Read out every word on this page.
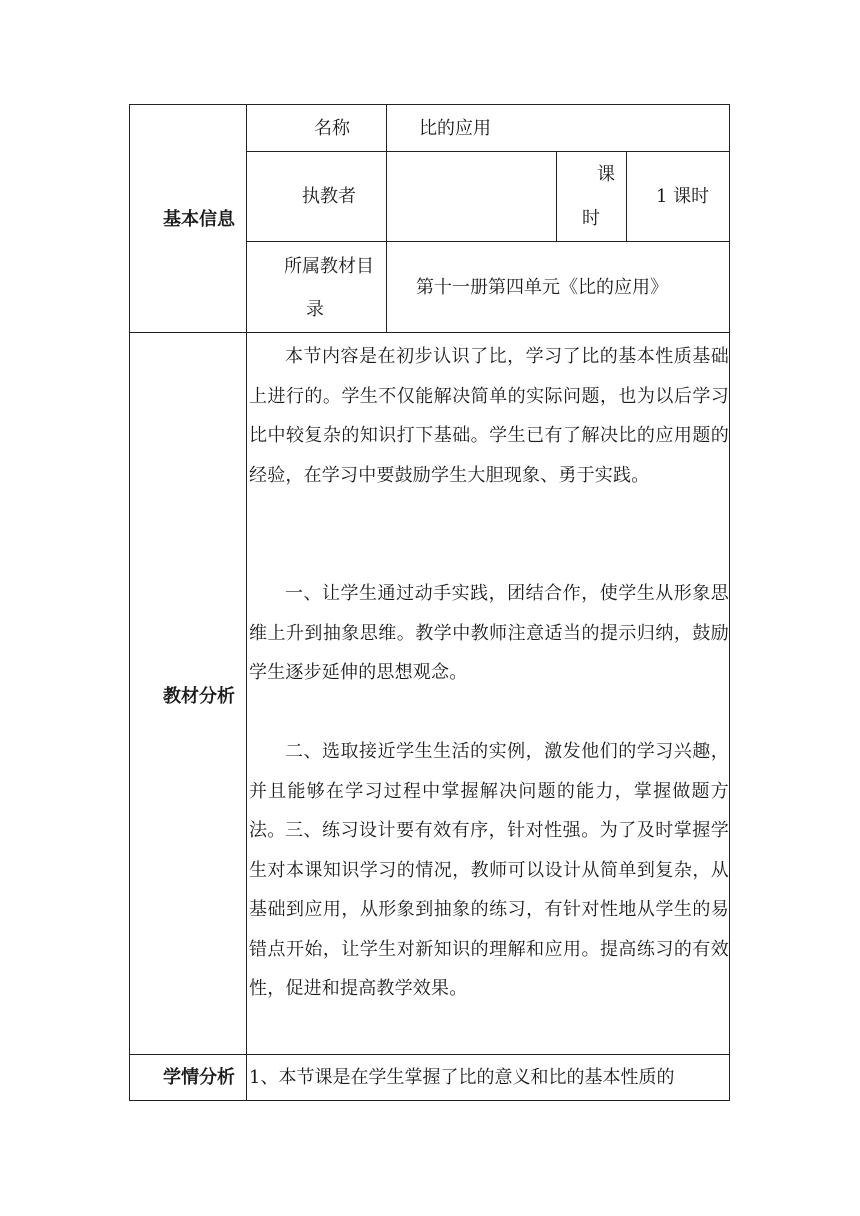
基本信息
名称	比的应用
执教者
课
时
1 课时
所属教材目
录
第十一册第四单元《比的应用》
教材分析
本节内容是在初步认识了比，学习了比的基本性质基础上进行的。学生不仅能解决简单的实际问题，也为以后学习比中较复杂的知识打下基础。学生已有了解决比的应用题的经验，在学习中要鼓励学生大胆现象、勇于实践。
一、让学生通过动手实践，团结合作，使学生从形象思维上升到抽象思维。教学中教师注意适当的提示归纳，鼓励学生逐步延伸的思想观念。
二、选取接近学生生活的实例，激发他们的学习兴趣，并且能够在学习过程中掌握解决问题的能力，掌握做题方法。 三、练习设计要有效有序，针对性强。为了及时掌握学生对本课知识学习的情况，教师可以设计从简单到复杂，从基础到应用，从形象到抽象的练习，有针对性地从学生的易错点开始，让学生对新知识的理解和应用。提高练习的有效性，促进和提高教学效果。
学情分析 1、本节课是在学生掌握了比的意义和比的基本性质的
